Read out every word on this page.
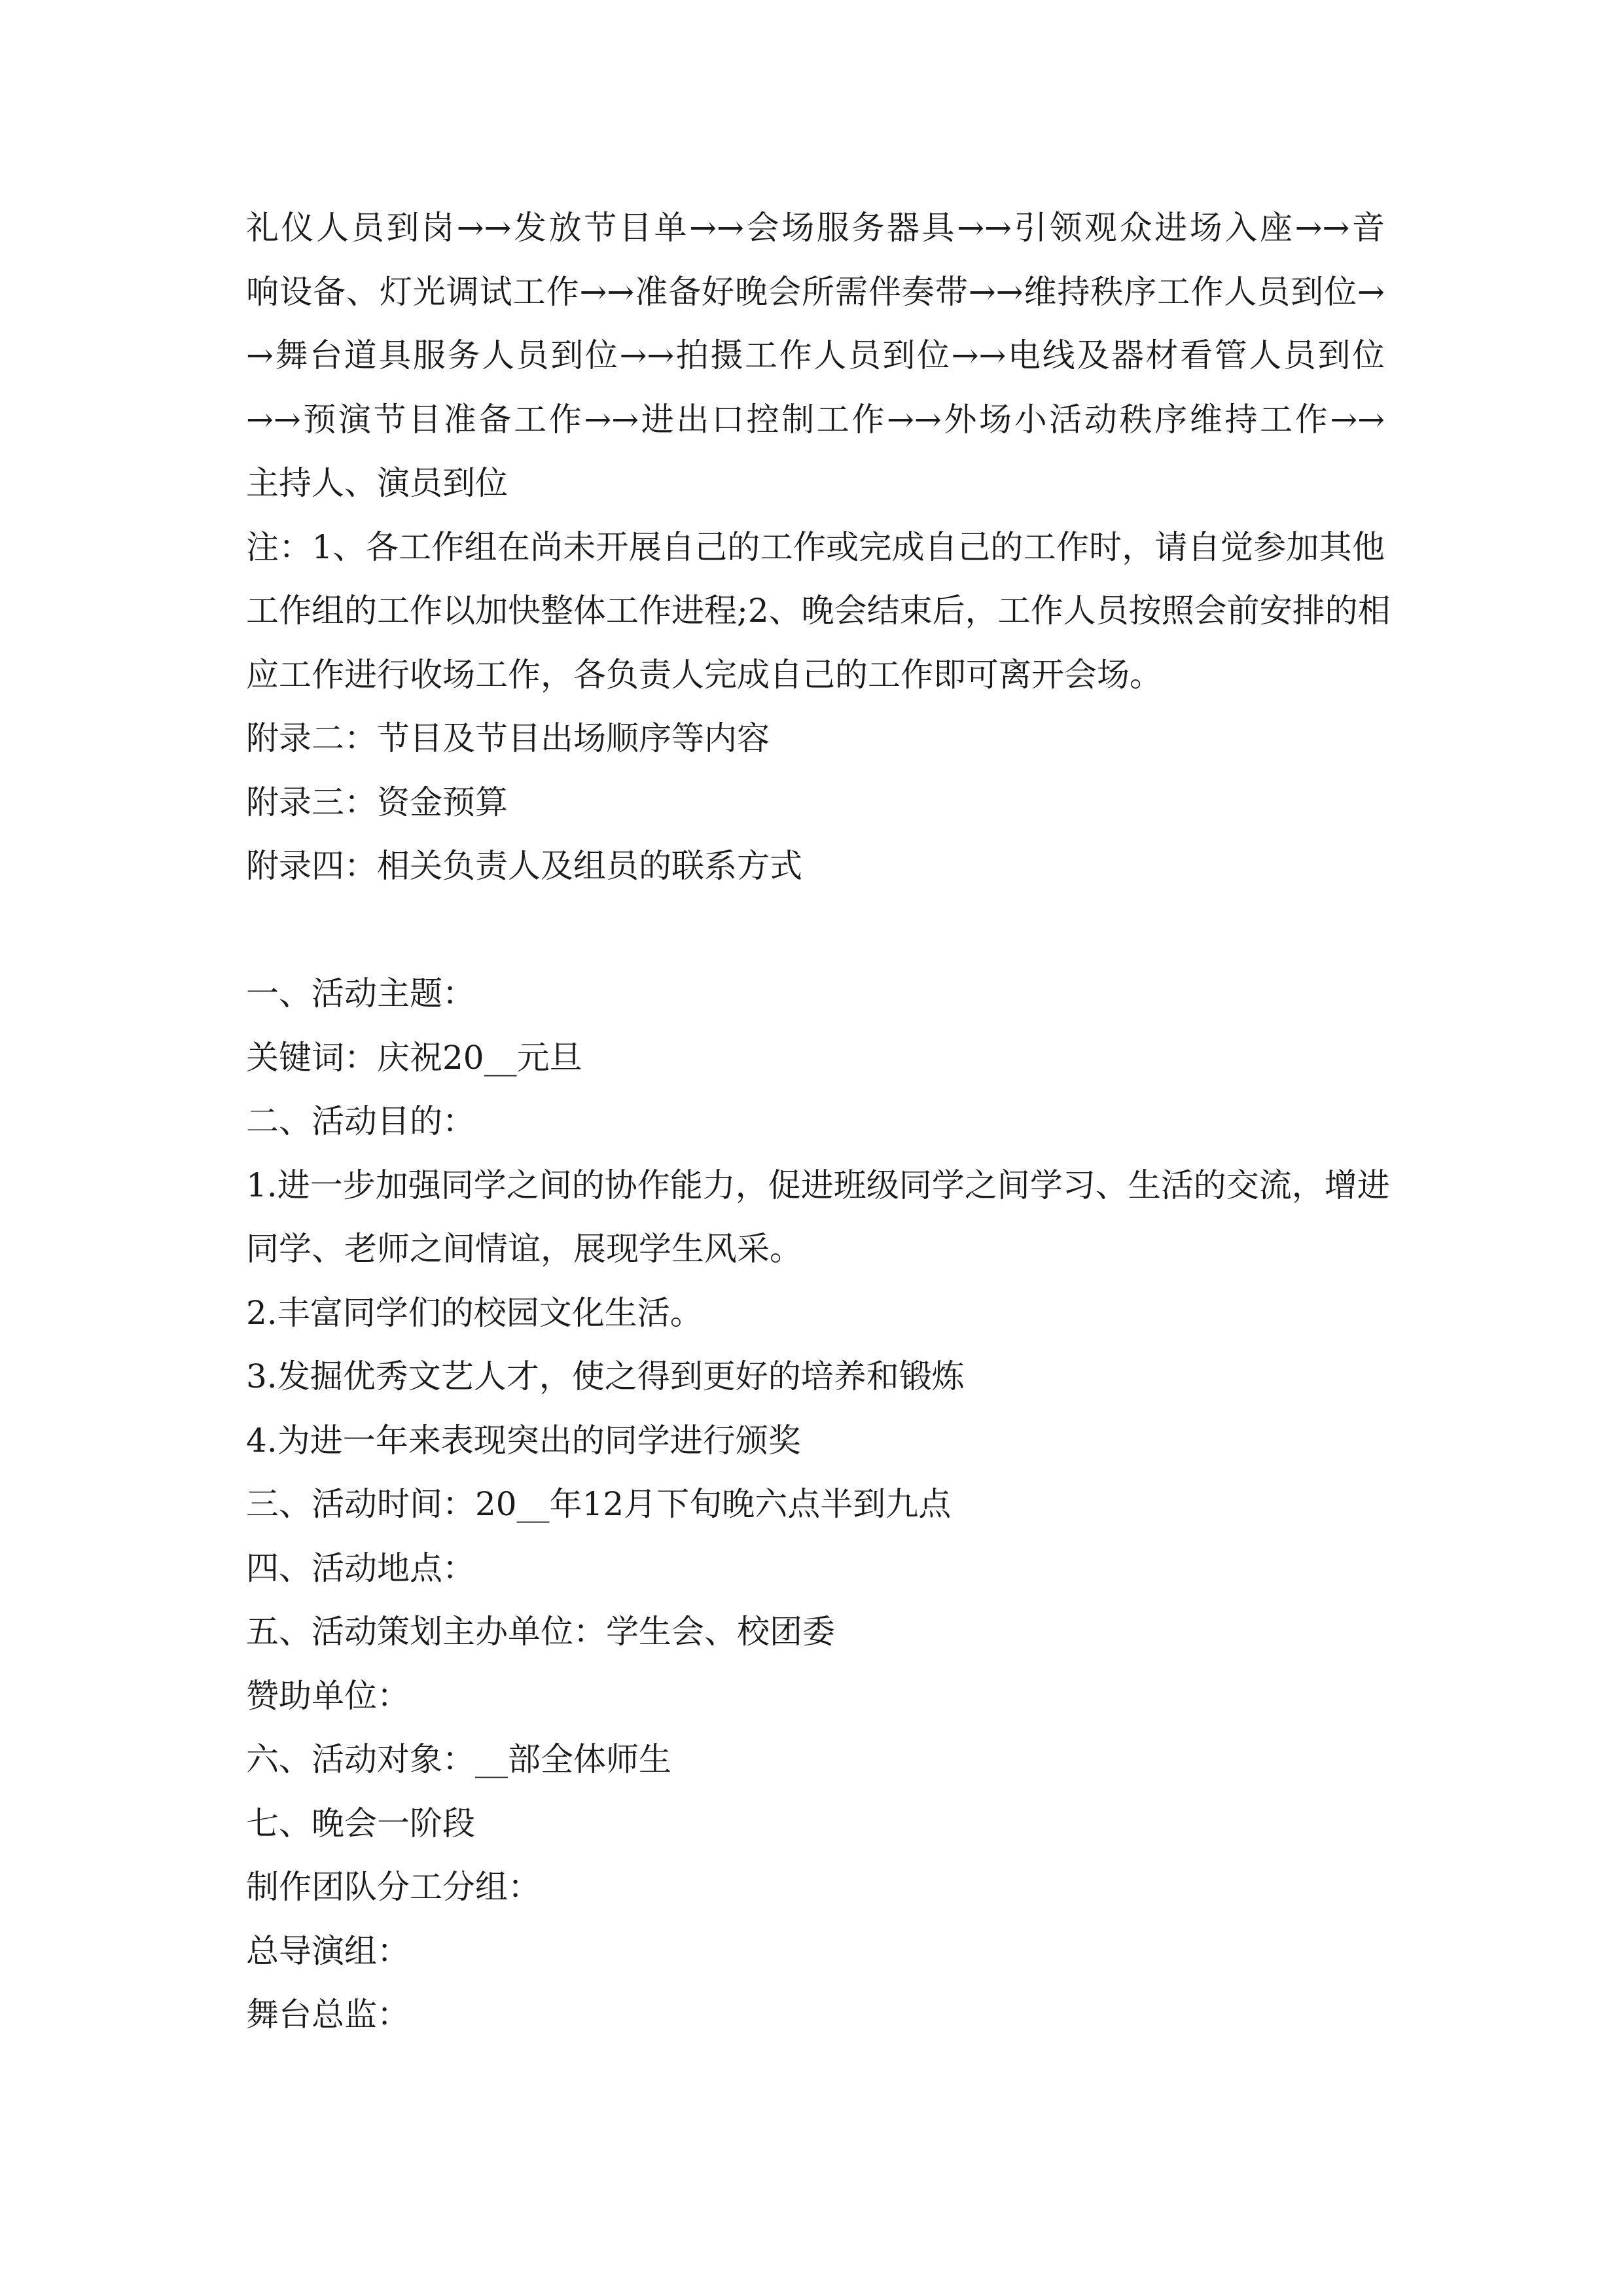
礼仪人员到岗→→发放节目单→→会场服务器具→→引领观众进场入座→→音
响设备、灯光调试工作→→准备好晚会所需伴奏带→→维持秩序工作人员到位→
→舞台道具服务人员到位→→拍摄工作人员到位→→电线及器材看管人员到位
→→预演节目准备工作→→进出口控制工作→→外场小活动秩序维持工作→→
主持人、演员到位
注：1、各工作组在尚未开展自己的工作或完成自己的工作时，请自觉参加其他
工作组的工作以加快整体工作进程;2、晚会结束后，工作人员按照会前安排的相
应工作进行收场工作，各负责人完成自己的工作即可离开会场。
附录二：节目及节目出场顺序等内容
附录三：资金预算
附录四：相关负责人及组员的联系方式
一、活动主题：
关键词：庆祝20__元旦
二、活动目的：
1.进一步加强同学之间的协作能力，促进班级同学之间学习、生活的交流，增进
同学、老师之间情谊，展现学生风采。
2.丰富同学们的校园文化生活。
3.发掘优秀文艺人才，使之得到更好的培养和锻炼
4.为进一年来表现突出的同学进行颁奖
三、活动时间：20__年12月下旬晚六点半到九点
四、活动地点：
五、活动策划主办单位：学生会、校团委
赞助单位：
六、活动对象：__部全体师生
七、晚会一阶段
制作团队分工分组：
总导演组：
舞台总监：
